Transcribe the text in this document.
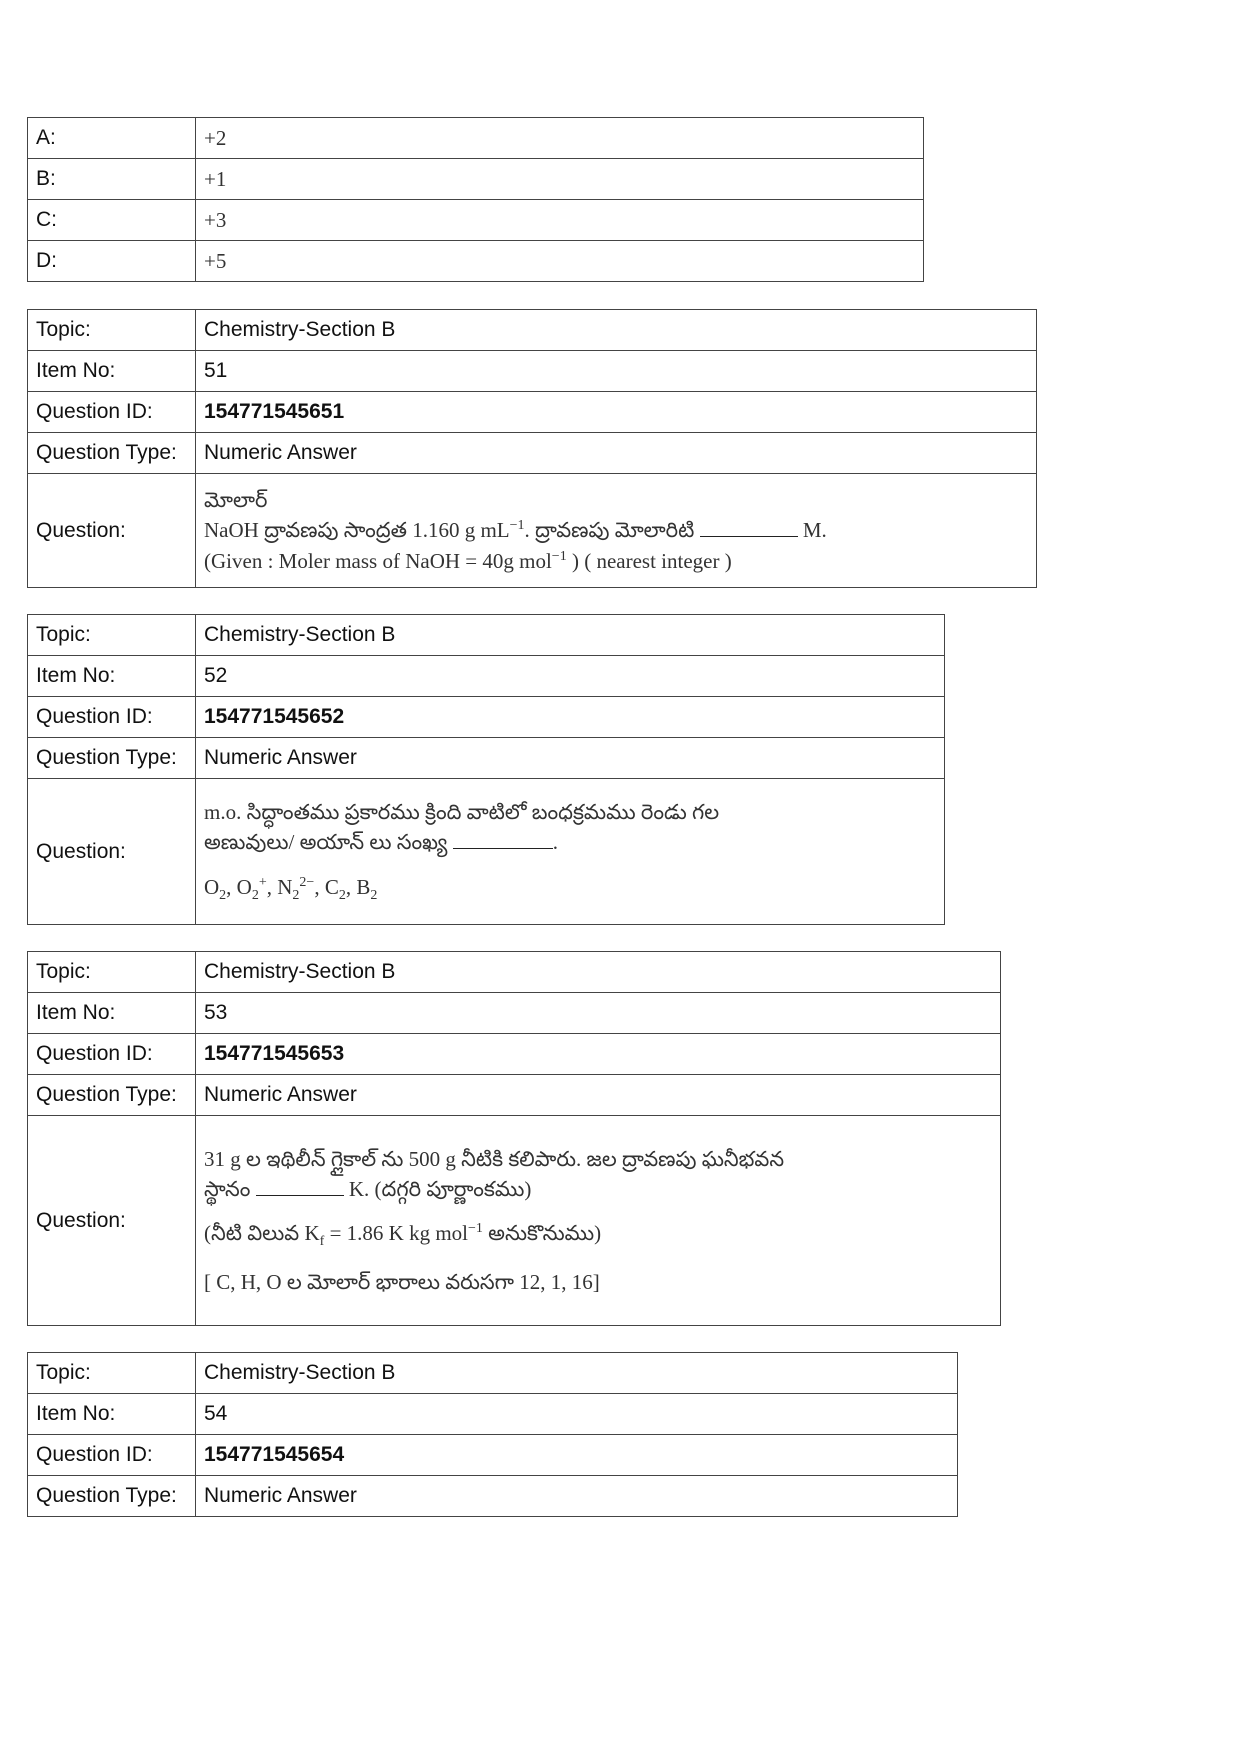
A:	+2
B:	+1
C:	+3
D:	+5
Topic:	Chemistry-Section B
Item No:	51
Question ID:	154771545651
Question Type:	Numeric Answer
Question:	మోలార్
NaOH ద్రావణపు సాంద్రత 1.160 g $mL^{-1}$. ద్రావణపు మోలారిటి M.
(Given : Moler mass of NaOH = 40g mol$^{-1}$ ) ( nearest integer )
Topic:	Chemistry-Section B
Item No:	52
Question ID:	154771545652
Question Type:	Numeric Answer
Question:	m.o. సిద్ధాంతము ప్రకారము క్రింది వాటిలో బంధక్రమము రెండు గల
అణువులు/ అయాన్ లు సంఖ్య .
$O_2$, $O_2^+$, $N_2^{2-}$, $C_2$, $B_2$
Topic:	Chemistry-Section B
Item No:	53
Question ID:	154771545653
Question Type:	Numeric Answer
Question:	31 g ల ఇథిలీన్ గ్లైకాల్ ను 500 g నీటికి కలిపారు. జల ద్రావణపు ఘనీభవన
స్థానం K. (దగ్గరి పూర్ణాంకము)
(నీటి విలువ $K_f = 1.86$ K kg mol$^{-1}$ అనుకొనుము)
[ C, H, O ల మోలార్ భారాలు వరుసగా 12, 1, 16]
Topic:	Chemistry-Section B
Item No:	54
Question ID:	154771545654
Question Type:	Numeric Answer
